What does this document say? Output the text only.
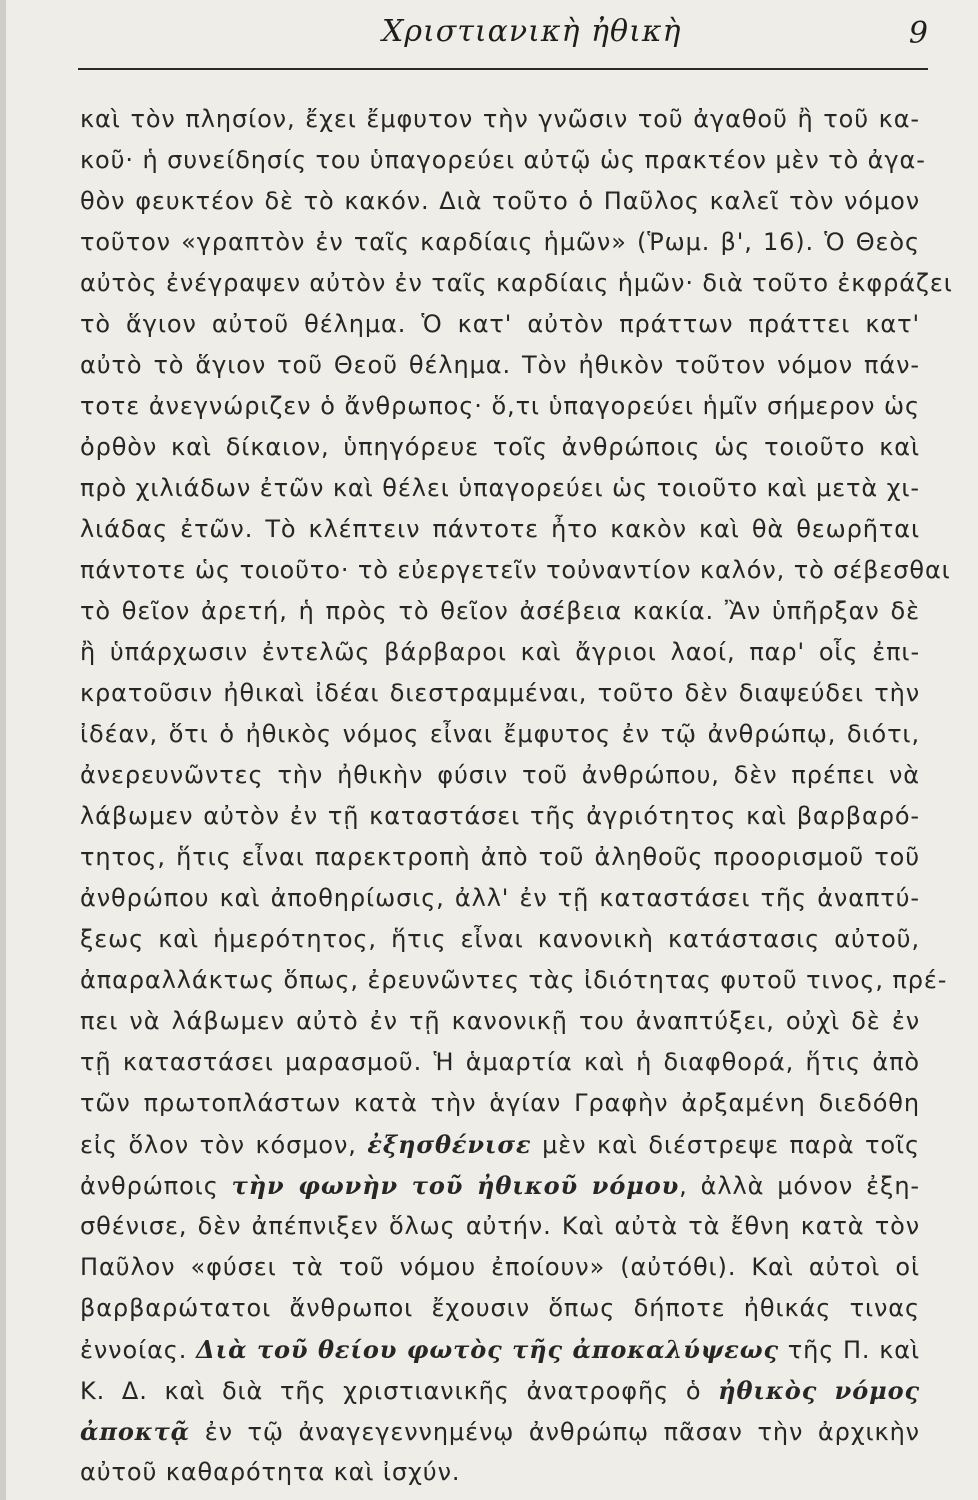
Χριστιανικὴ ἠθικὴ	9
καὶ τὸν πλησίον, ἔχει ἔμφυτον τὴν γνῶσιν τοῦ ἀγαθοῦ ἢ τοῦ κα-
κοῦ· ἡ συνείδησίς του ὑπαγορεύει αὐτῷ ὡς πρακτέον μὲν τὸ ἀγα-
θὸν φευκτέον δὲ τὸ κακόν. Διὰ τοῦτο ὁ Παῦλος καλεῖ τὸν νόμον
τοῦτον «γραπτὸν ἐν ταῖς καρδίαις ἡμῶν» (Ῥωμ. β', 16). Ὁ Θεὸς
αὐτὸς ἐνέγραψεν αὐτὸν ἐν ταῖς καρδίαις ἡμῶν· διὰ τοῦτο ἐκφράζει
τὸ ἅγιον αὐτοῦ θέλημα. Ὁ κατ' αὐτὸν πράττων πράττει κατ'
αὐτὸ τὸ ἅγιον τοῦ Θεοῦ θέλημα. Τὸν ἠθικὸν τοῦτον νόμον πάν-
τοτε ἀνεγνώριζεν ὁ ἄνθρωπος· ὅ,τι ὑπαγορεύει ἡμῖν σήμερον ὡς
ὀρθὸν καὶ δίκαιον, ὑπηγόρευε τοῖς ἀνθρώποις ὡς τοιοῦτο καὶ
πρὸ χιλιάδων ἐτῶν καὶ θέλει ὑπαγορεύει ὡς τοιοῦτο καὶ μετὰ χι-
λιάδας ἐτῶν. Τὸ κλέπτειν πάντοτε ἦτο κακὸν καὶ θὰ θεωρῆται
πάντοτε ὡς τοιοῦτο· τὸ εὐεργετεῖν τοὐναντίον καλόν, τὸ σέβεσθαι
τὸ θεῖον ἀρετή, ἡ πρὸς τὸ θεῖον ἀσέβεια κακία. Ἂν ὑπῆρξαν δὲ
ἢ ὑπάρχωσιν ἐντελῶς βάρβαροι καὶ ἄγριοι λαοί, παρ' οἷς ἐπι-
κρατοῦσιν ἠθικαὶ ἰδέαι διεστραμμέναι, τοῦτο δὲν διαψεύδει τὴν
ἰδέαν, ὅτι ὁ ἠθικὸς νόμος εἶναι ἔμφυτος ἐν τῷ ἀνθρώπῳ, διότι,
ἀνερευνῶντες τὴν ἠθικὴν φύσιν τοῦ ἀνθρώπου, δὲν πρέπει νὰ
λάβωμεν αὐτὸν ἐν τῇ καταστάσει τῆς ἀγριότητος καὶ βαρβαρό-
τητος, ἥτις εἶναι παρεκτροπὴ ἀπὸ τοῦ ἀληθοῦς προορισμοῦ τοῦ
ἀνθρώπου καὶ ἀποθηρίωσις, ἀλλ' ἐν τῇ καταστάσει τῆς ἀναπτύ-
ξεως καὶ ἡμερότητος, ἥτις εἶναι κανονικὴ κατάστασις αὐτοῦ,
ἀπαραλλάκτως ὅπως, ἐρευνῶντες τὰς ἰδιότητας φυτοῦ τινος, πρέ-
πει νὰ λάβωμεν αὐτὸ ἐν τῇ κανονικῇ του ἀναπτύξει, οὐχὶ δὲ ἐν
τῇ καταστάσει μαρασμοῦ. Ἡ ἁμαρτία καὶ ἡ διαφθορά, ἥτις ἀπὸ
τῶν πρωτοπλάστων κατὰ τὴν ἁγίαν Γραφὴν ἀρξαμένη διεδόθη
εἰς ὅλον τὸν κόσμον, ἐξησθένισε μὲν καὶ διέστρεψε παρὰ τοῖς
ἀνθρώποις τὴν φωνὴν τοῦ ἠθικοῦ νόμου, ἀλλὰ μόνον ἐξη-
σθένισε, δὲν ἀπέπνιξεν ὅλως αὐτήν. Καὶ αὐτὰ τὰ ἔθνη κατὰ τὸν
Παῦλον «φύσει τὰ τοῦ νόμου ἐποίουν» (αὐτόθι). Καὶ αὐτοὶ οἱ
βαρβαρώτατοι ἄνθρωποι ἔχουσιν ὅπως δήποτε ἠθικάς τινας
ἐννοίας. Διὰ τοῦ θείου φωτὸς τῆς ἀποκαλύψεως τῆς Π. καὶ
Κ. Δ. καὶ διὰ τῆς χριστιανικῆς ἀνατροφῆς ὁ ἠθικὸς νόμος
ἀποκτᾷ ἐν τῷ ἀναγεγεννημένῳ ἀνθρώπῳ πᾶσαν τὴν ἀρχικὴν
αὐτοῦ καθαρότητα καὶ ἰσχύν.
